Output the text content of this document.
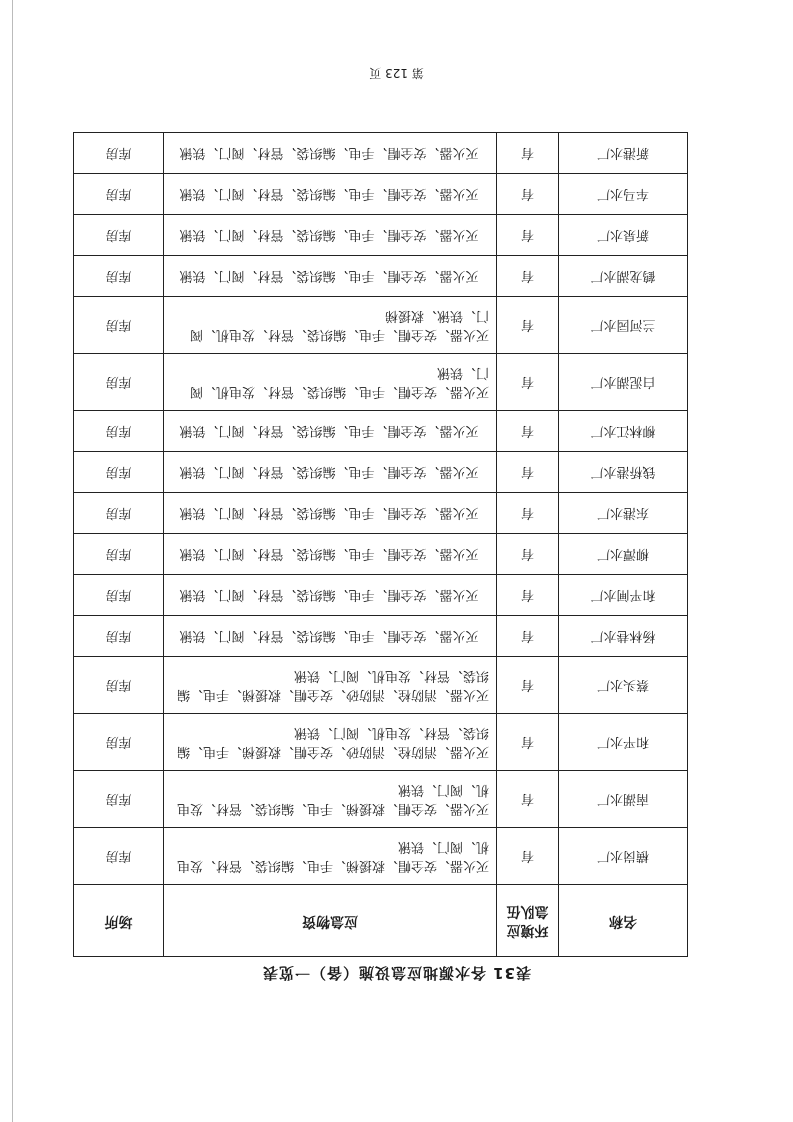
表31 各水源地应急设施（备）一览表
名称	环境应急队伍	应急物资	场所
横岗水厂	有	灭火器、安全帽、救援梯、手电、编织袋、管材、发电机、阀门、铁锹	库房
南湖水厂	有	灭火器、安全帽、救援梯、手电、编织袋、管材、发电机、阀门、铁锹	库房
和平水厂	有	灭火器、消防栓、消防砂、安全帽、救援梯、手电、编织袋、管材、发电机、阀门、铁锹	库房
蔡头水厂	有	灭火器、消防栓、消防砂、安全帽、救援梯、手电、编织袋、管材、发电机、阀门、铁锹	库房
杨林巷水厂	有	灭火器、安全帽、手电、编织袋、管材、阀门、铁锹	库房
和平闸水厂	有	灭火器、安全帽、手电、编织袋、管材、阀门、铁锹	库房
柳潭水厂	有	灭火器、安全帽、手电、编织袋、管材、阀门、铁锹	库房
东港水厂	有	灭火器、安全帽、手电、编织袋、管材、阀门、铁锹	库房
钱桥港水厂	有	灭火器、安全帽、手电、编织袋、管材、阀门、铁锹	库房
柳林江水厂	有	灭火器、安全帽、手电、编织袋、管材、阀门、铁锹	库房
白泥湖水厂	有	灭火器、安全帽、手电、编织袋、管材、发电机、阀门、铁锹	库房
兰河园水厂	有	灭火器、安全帽、手电、编织袋、管材、发电机、阀门、铁锹、救援梯	库房
鹤龙湖水厂	有	灭火器、安全帽、手电、编织袋、管材、阀门、铁锹	库房
新泉水厂	有	灭火器、安全帽、手电、编织袋、管材、阀门、铁锹	库房
车马水厂	有	灭火器、安全帽、手电、编织袋、管材、阀门、铁锹	库房
新港水厂	有	灭火器、安全帽、手电、编织袋、管材、阀门、铁锹	库房
第 123 页
